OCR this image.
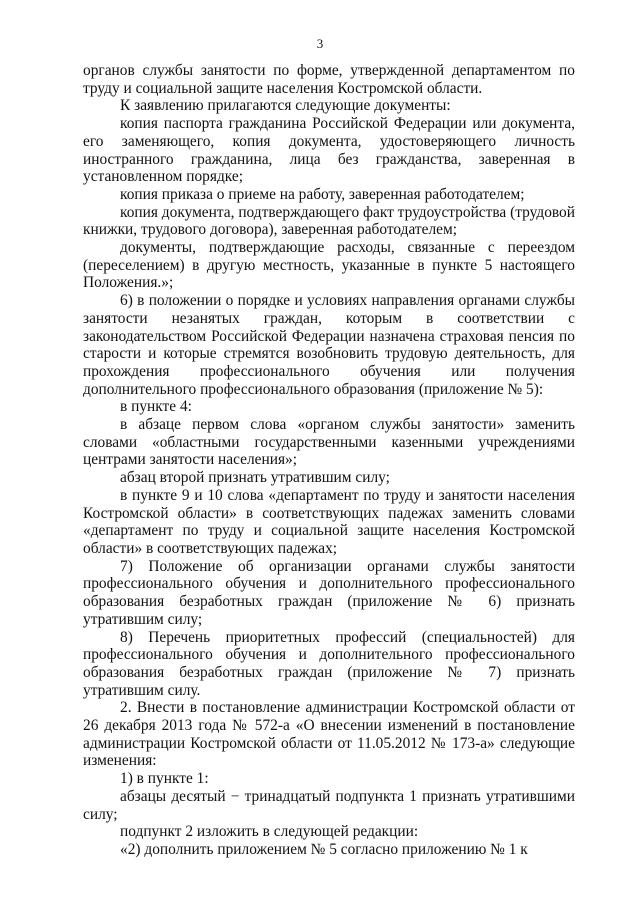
3

органов службы занятости по форме, утвержденной департаментом по труду и социальной защите населения Костромской области.

К заявлению прилагаются следующие документы:

копия паспорта гражданина Российской Федерации или документа, его заменяющего, копия документа, удостоверяющего личность иностранного гражданина, лица без гражданства, заверенная в установленном порядке;

копия приказа о приеме на работу, заверенная работодателем;

копия документа, подтверждающего факт трудоустройства (трудовой книжки, трудового договора), заверенная работодателем;

документы, подтверждающие расходы, связанные с переездом (переселением) в другую местность, указанные в пункте 5 настоящего Положения.»;

6) в положении о порядке и условиях направления органами службы занятости незанятых граждан, которым в соответствии с законодательством Российской Федерации назначена страховая пенсия по старости и которые стремятся возобновить трудовую деятельность, для прохождения профессионального обучения или получения дополнительного профессионального образования (приложение № 5):

в пункте 4:

в абзаце первом слова «органом службы занятости» заменить словами «областными государственными казенными учреждениями центрами занятости населения»;

абзац второй признать утратившим силу;

в пункте 9 и 10 слова «департамент по труду и занятости населения Костромской области» в соответствующих падежах заменить словами «департамент по труду и социальной защите населения Костромской области» в соответствующих падежах;

7) Положение об организации органами службы занятости профессионального обучения и дополнительного профессионального образования безработных граждан (приложение № 6) признать утратившим силу;

8) Перечень приоритетных профессий (специальностей) для профессионального обучения и дополнительного профессионального образования безработных граждан (приложение № 7) признать утратившим силу.

2. Внести в постановление администрации Костромской области от 26 декабря 2013 года № 572-а «О внесении изменений в постановление администрации Костромской области от 11.05.2012 № 173-а» следующие изменения:

1) в пункте 1:

абзацы десятый − тринадцатый подпункта 1 признать утратившими силу;

подпункт 2 изложить в следующей редакции:

«2) дополнить приложением № 5 согласно приложению № 1 к
